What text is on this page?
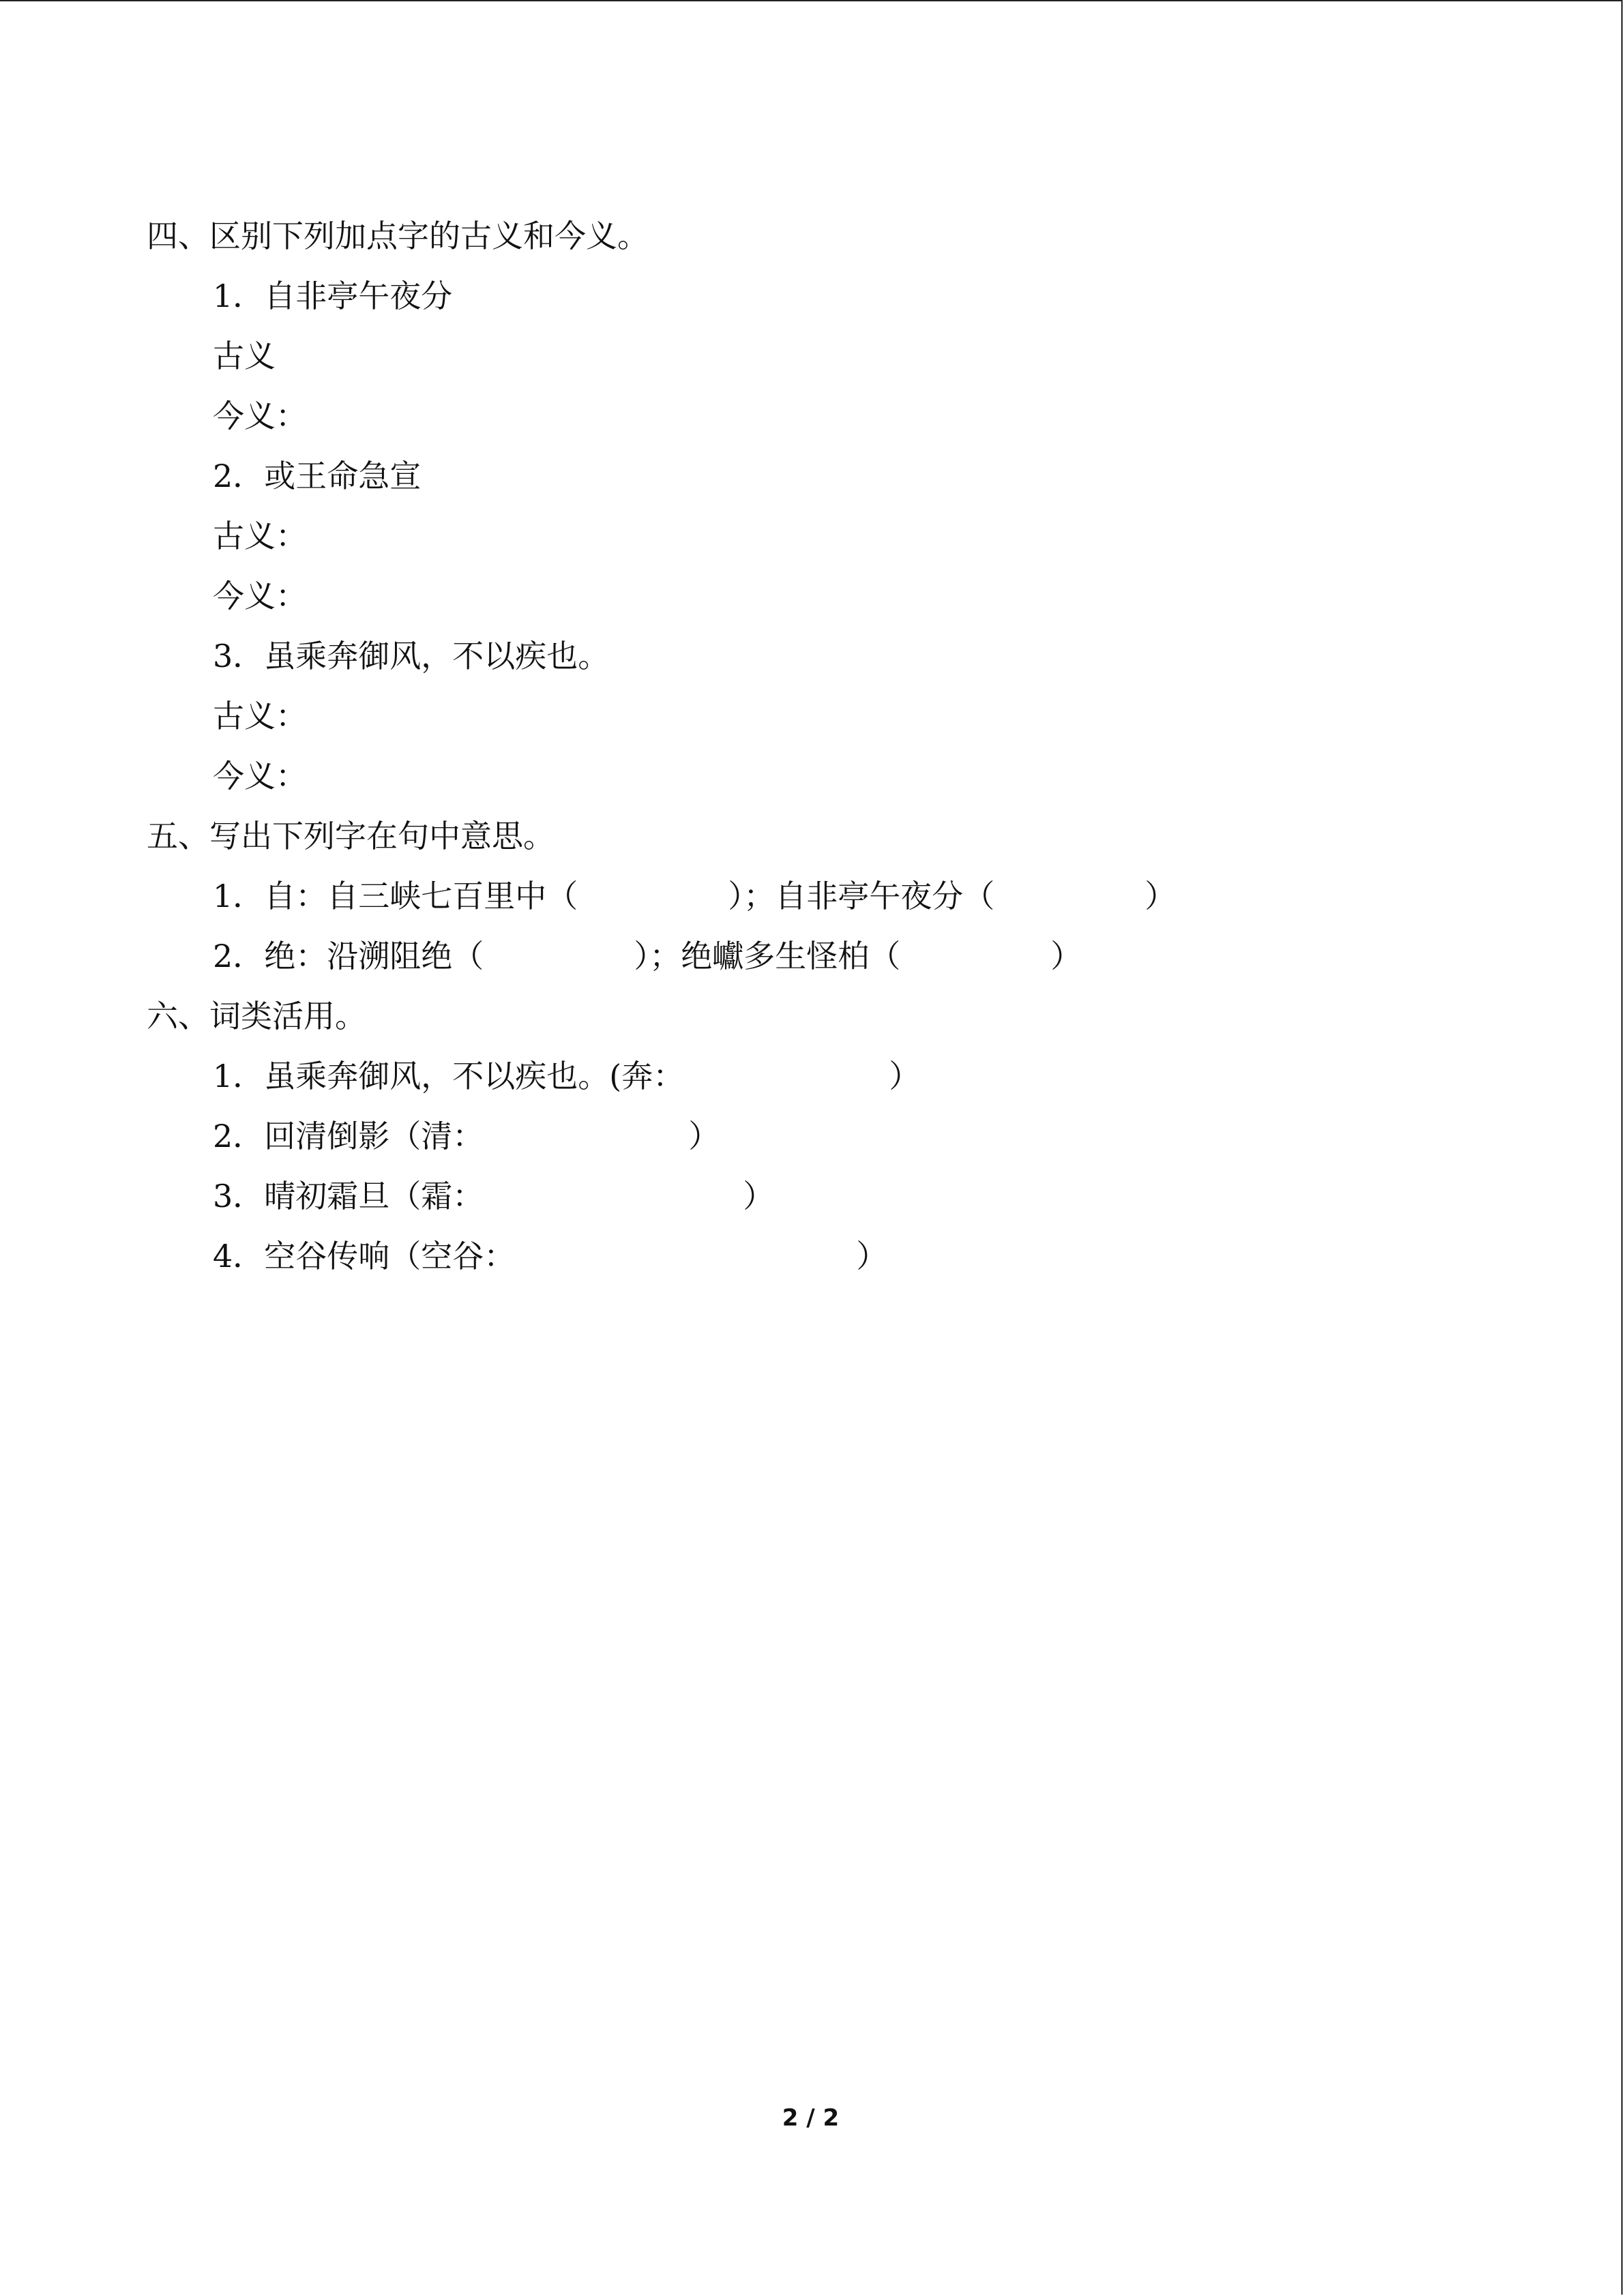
四、区别下列加点字的古义和今义。
1．自非亭午夜分
古义
今义：
2．或王命急宣
古义：
今义：
3．虽乘奔御风，不以疾也。
古义：
今义：
五、写出下列字在句中意思。
1．自：自三峡七百里中（	）；自非亭午夜分（	）
2．绝：沿溯阻绝（	）；绝巘多生怪柏（	）
六、词类活用。
1．虽乘奔御风，不以疾也。(奔：	）
2．回清倒影（清：	）
3．晴初霜旦（霜：	）
4．空谷传响（空谷：	）
2 / 2
